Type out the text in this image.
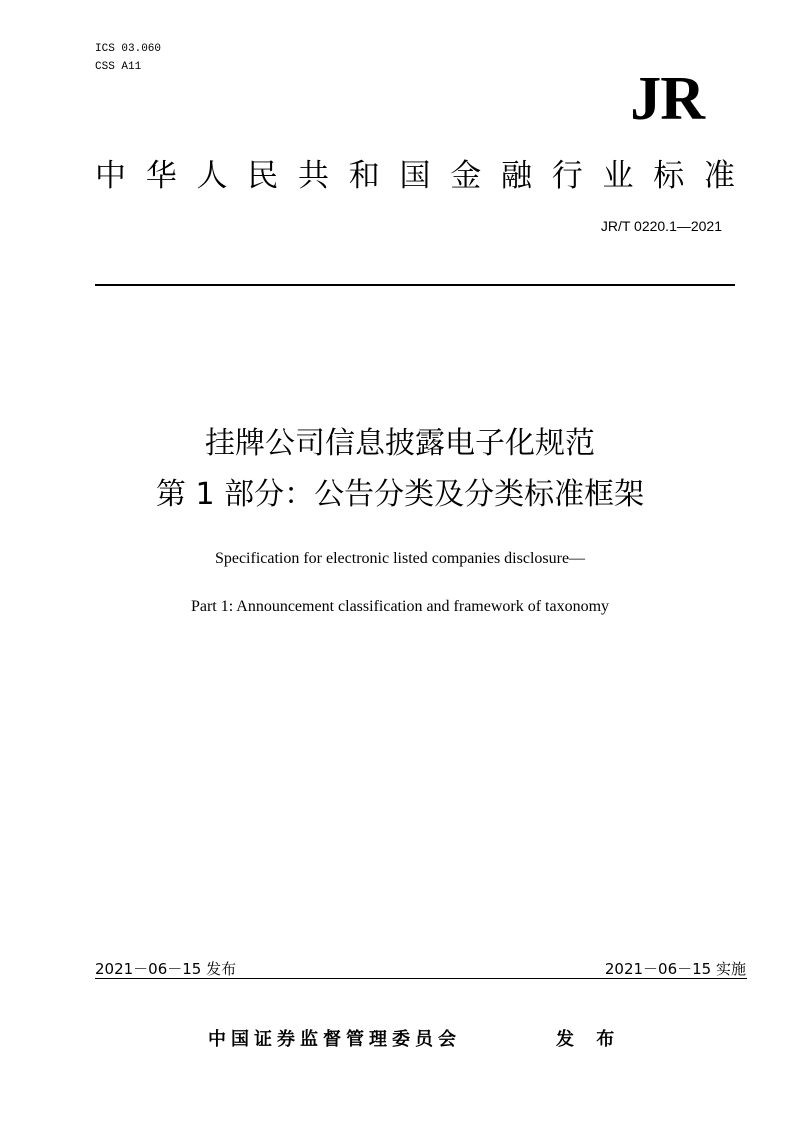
ICS 03.060
CSS A11	JR
中 华 人 民 共 和 国 金 融 行 业 标 准
JR/T 0220.1—2021
挂牌公司信息披露电子化规范
第 1 部分：公告分类及分类标准框架
Specification for electronic listed companies disclosure—
Part 1: Announcement classification and framework of taxonomy
2021－06－15 发布	2021－06－15 实施
中国证券监督管理委员会	发 布
